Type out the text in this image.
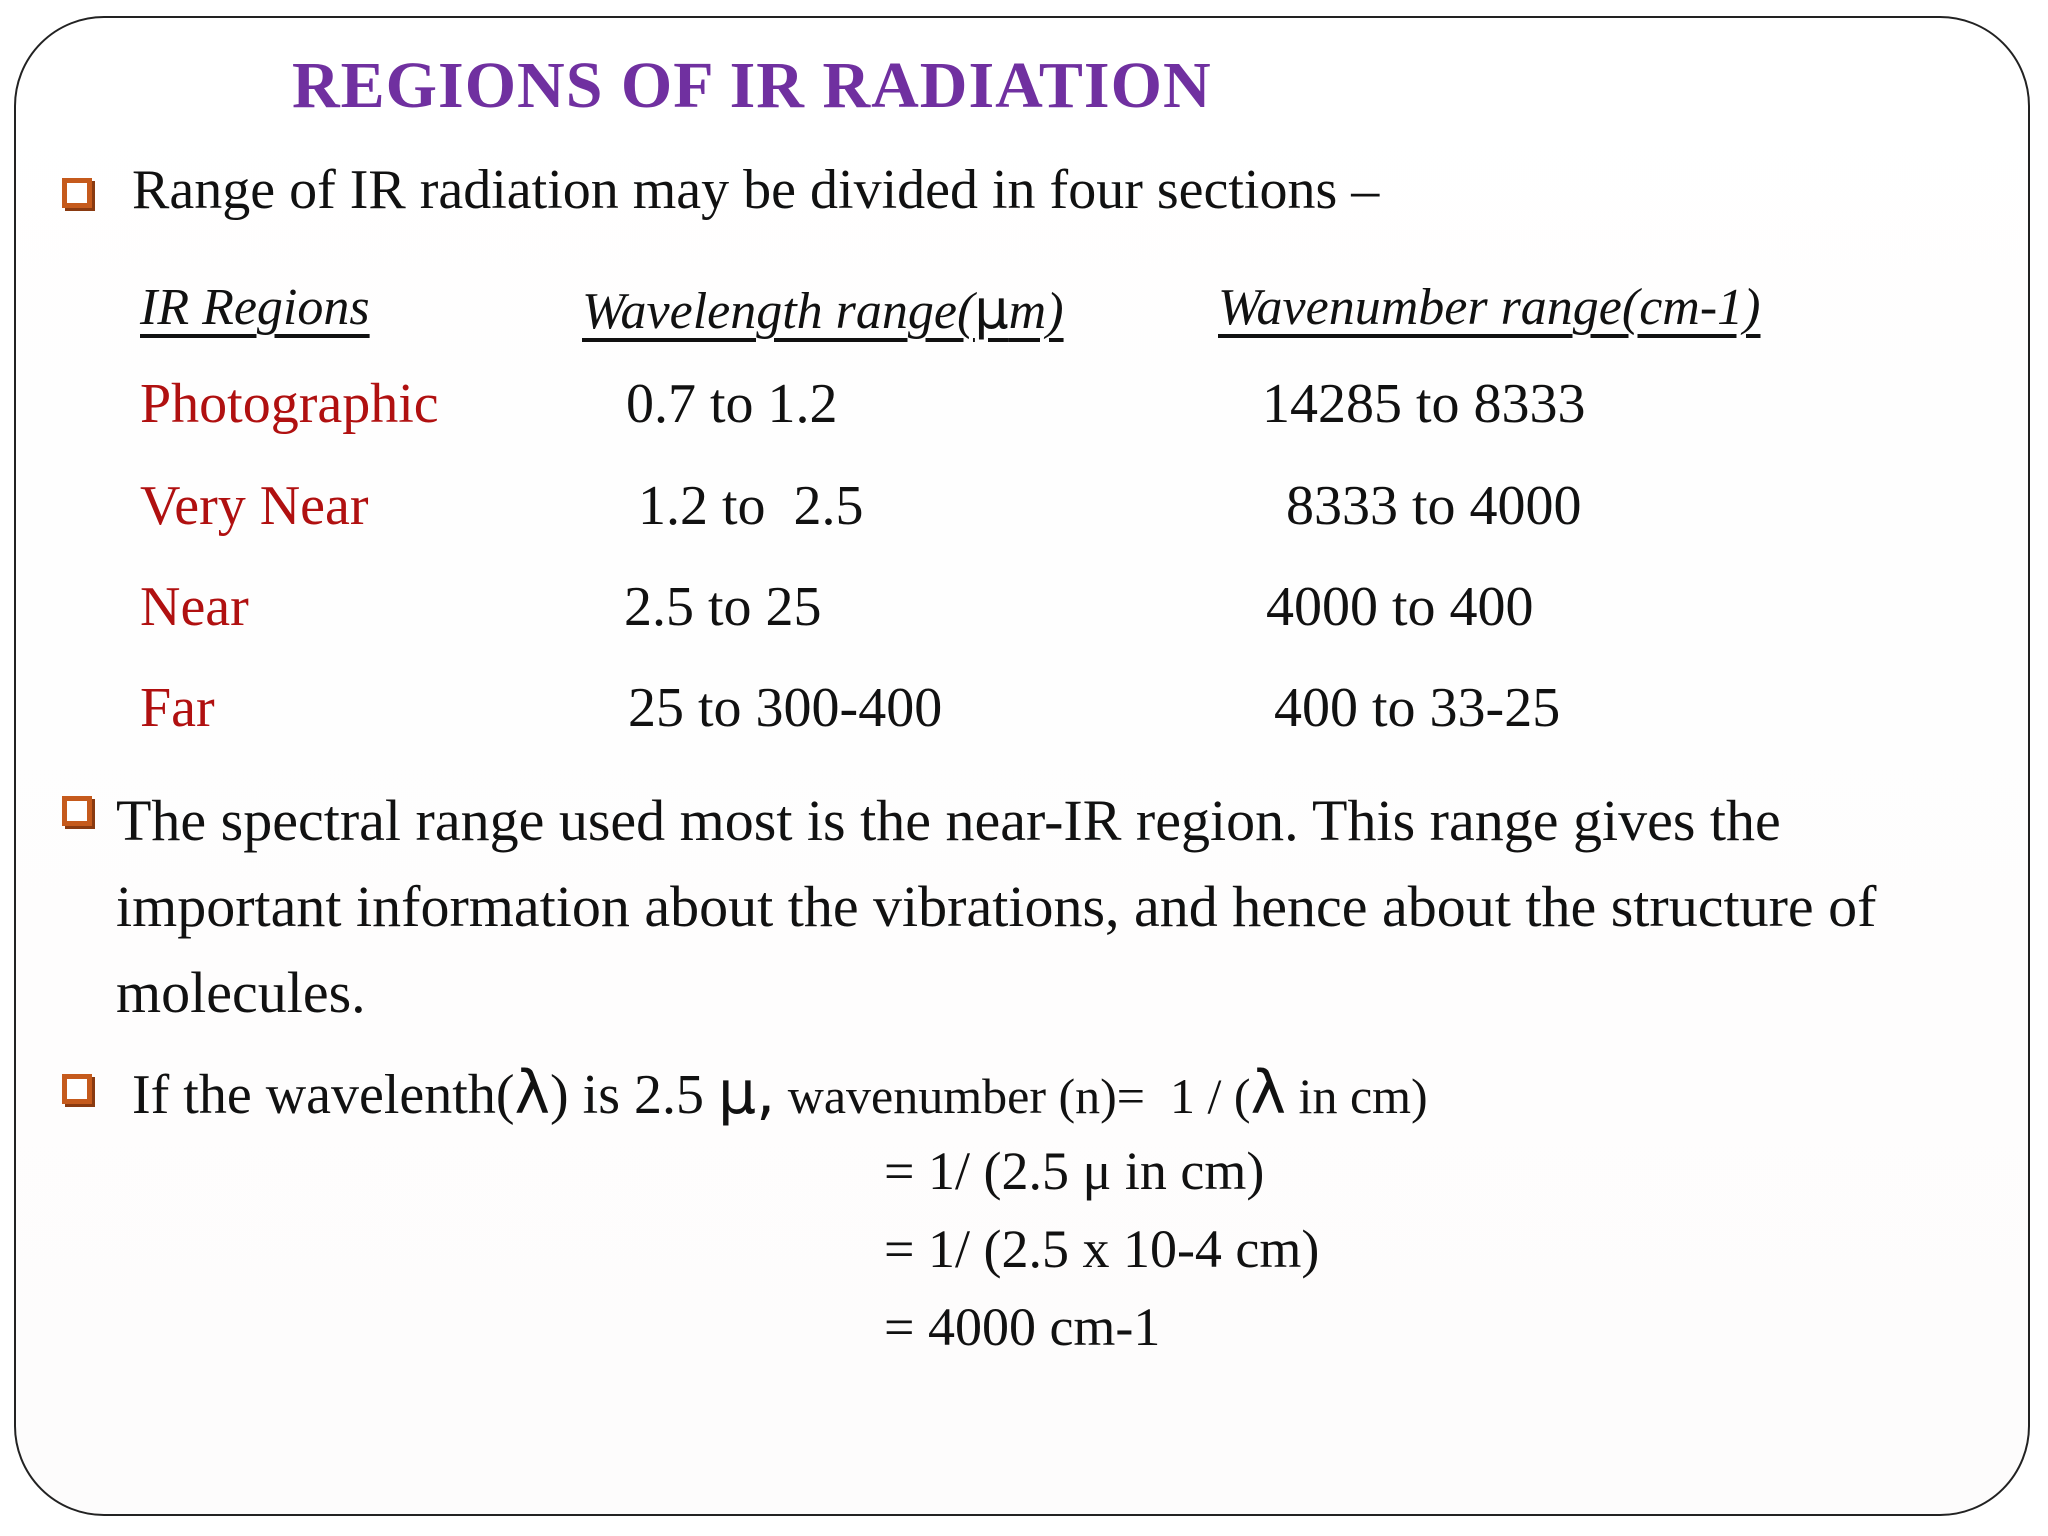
REGIONS OF IR RADIATION
Range of IR radiation may be divided in four sections –
IR Regions	Wavelength range(μm)	Wavenumber range(cm-1)
Photographic	0.7 to 1.2	14285 to 8333
Very Near	1.2 to  2.5	8333 to 4000
Near	2.5 to 25	4000 to 400
Far	25 to 300-400	400 to 33-25
The spectral range used most is the near-IR region. This range gives the important information about the vibrations, and hence about the structure of molecules.
If the wavelenth(λ) is 2.5 μ, wavenumber (n)=  1 / (λ in cm)
= 1/ (2.5 μ in cm)
= 1/ (2.5 x 10-4 cm)
= 4000 cm-1
